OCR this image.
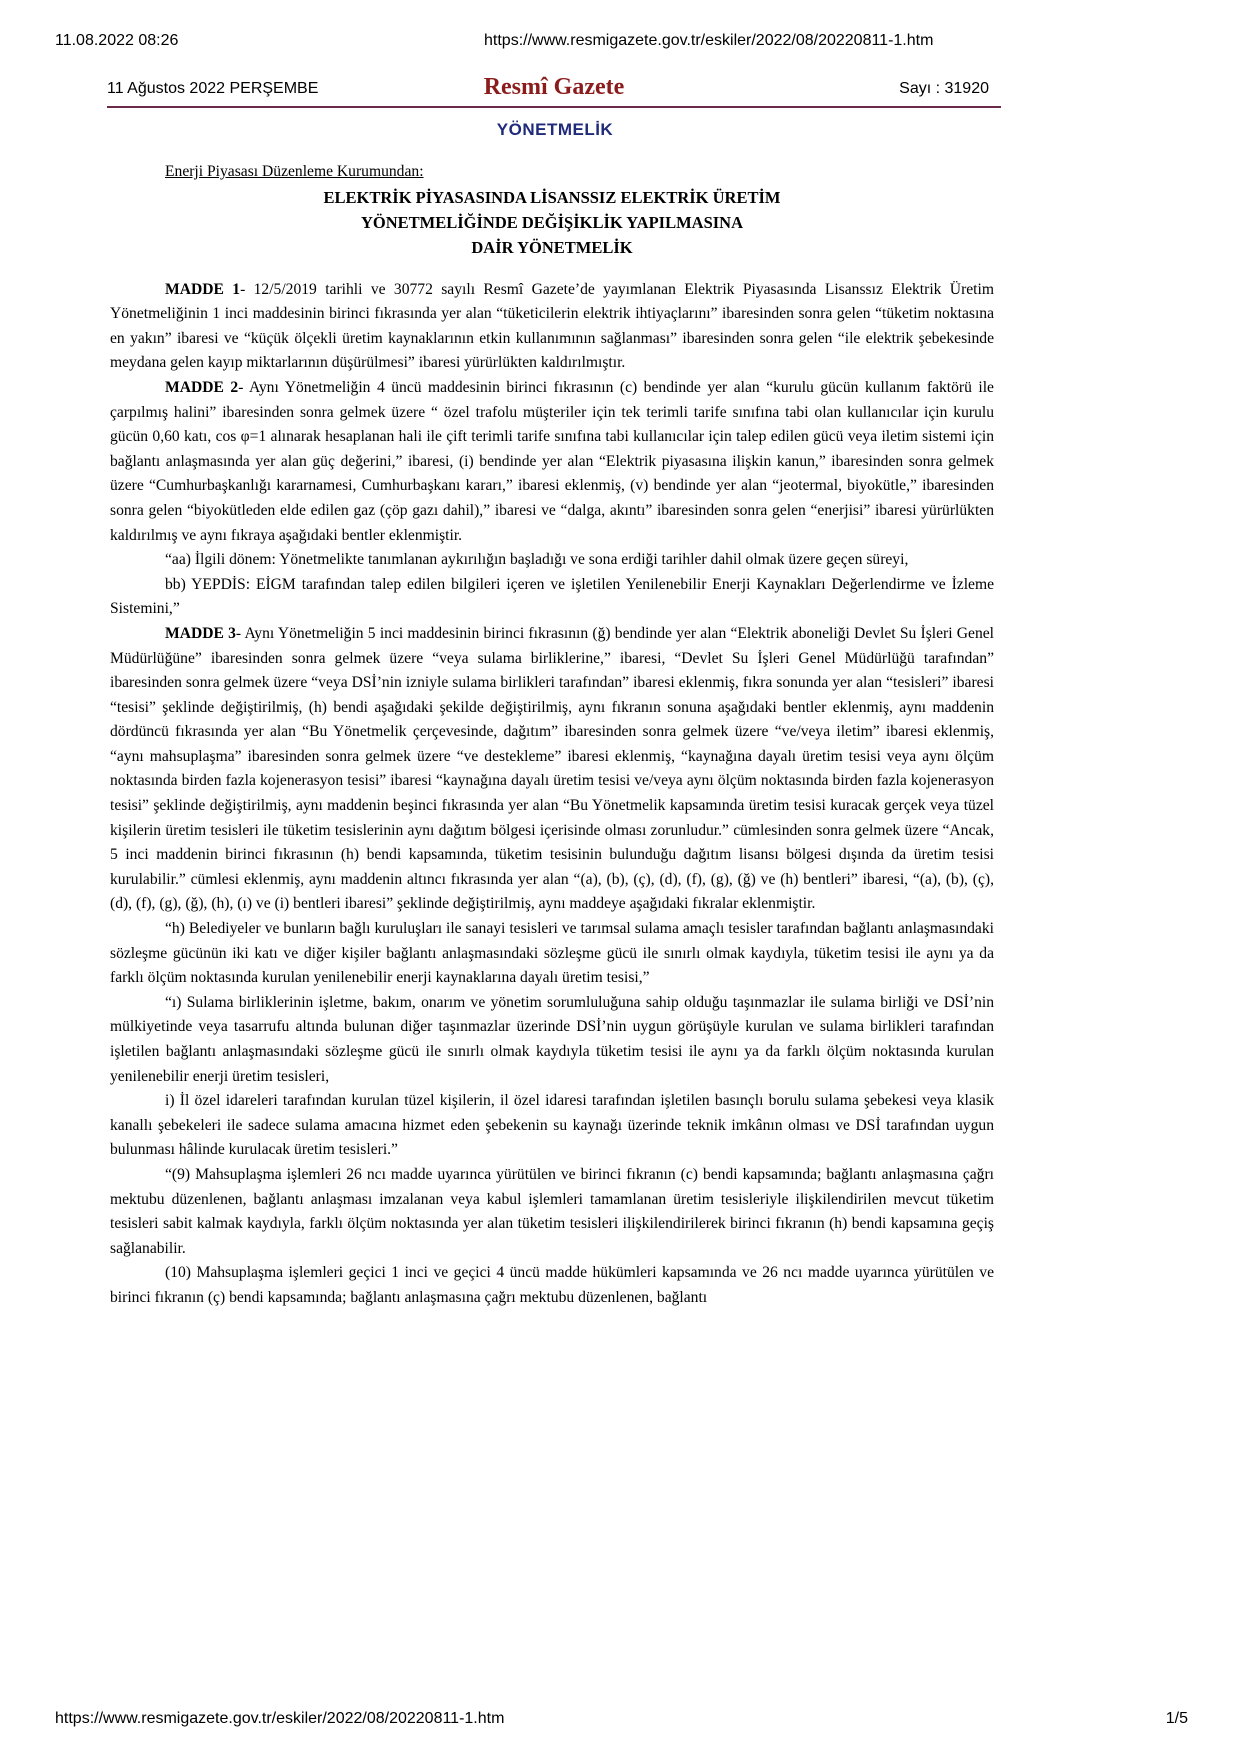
11.08.2022 08:26	https://www.resmigazete.gov.tr/eskiler/2022/08/20220811-1.htm
11 Ağustos 2022 PERŞEMBE	Resmî Gazete	Sayı : 31920
YÖNETMELİK

Enerji Piyasası Düzenleme Kurumundan:

ELEKTRİK PİYASASINDA LİSANSSIZ ELEKTRİK ÜRETİM
YÖNETMELİĞİNDE DEĞİŞİKLİK YAPILMASINA
DAİR YÖNETMELİK

MADDE 1- 12/5/2019 tarihli ve 30772 sayılı Resmî Gazete’de yayımlanan Elektrik Piyasasında Lisanssız Elektrik Üretim Yönetmeliğinin 1 inci maddesinin birinci fıkrasında yer alan “tüketicilerin elektrik ihtiyaçlarını” ibaresinden sonra gelen “tüketim noktasına en yakın” ibaresi ve “küçük ölçekli üretim kaynaklarının etkin kullanımının sağlanması” ibaresinden sonra gelen “ile elektrik şebekesinde meydana gelen kayıp miktarlarının düşürülmesi” ibaresi yürürlükten kaldırılmıştır.

MADDE 2- Aynı Yönetmeliğin 4 üncü maddesinin birinci fıkrasının (c) bendinde yer alan “kurulu gücün kullanım faktörü ile çarpılmış halini” ibaresinden sonra gelmek üzere “ özel trafolu müşteriler için tek terimli tarife sınıfına tabi olan kullanıcılar için kurulu gücün 0,60 katı, cos φ=1 alınarak hesaplanan hali ile çift terimli tarife sınıfına tabi kullanıcılar için talep edilen gücü veya iletim sistemi için bağlantı anlaşmasında yer alan güç değerini,” ibaresi, (i) bendinde yer alan “Elektrik piyasasına ilişkin kanun,” ibaresinden sonra gelmek üzere “Cumhurbaşkanlığı kararnamesi, Cumhurbaşkanı kararı,” ibaresi eklenmiş, (v) bendinde yer alan “jeotermal, biyokütle,” ibaresinden sonra gelen “biyokütleden elde edilen gaz (çöp gazı dahil),” ibaresi ve “dalga, akıntı” ibaresinden sonra gelen “enerjisi” ibaresi yürürlükten kaldırılmış ve aynı fıkraya aşağıdaki bentler eklenmiştir.

“aa) İlgili dönem: Yönetmelikte tanımlanan aykırılığın başladığı ve sona erdiği tarihler dahil olmak üzere geçen süreyi,

bb) YEPDİS: EİGM tarafından talep edilen bilgileri içeren ve işletilen Yenilenebilir Enerji Kaynakları Değerlendirme ve İzleme Sistemini,”

MADDE 3- Aynı Yönetmeliğin 5 inci maddesinin birinci fıkrasının (ğ) bendinde yer alan “Elektrik aboneliği Devlet Su İşleri Genel Müdürlüğüne” ibaresinden sonra gelmek üzere “veya sulama birliklerine,” ibaresi, “Devlet Su İşleri Genel Müdürlüğü tarafından” ibaresinden sonra gelmek üzere “veya DSİ’nin izniyle sulama birlikleri tarafından” ibaresi eklenmiş, fıkra sonunda yer alan “tesisleri” ibaresi “tesisi” şeklinde değiştirilmiş, (h) bendi aşağıdaki şekilde değiştirilmiş, aynı fıkranın sonuna aşağıdaki bentler eklenmiş, aynı maddenin dördüncü fıkrasında yer alan “Bu Yönetmelik çerçevesinde, dağıtım” ibaresinden sonra gelmek üzere “ve/veya iletim” ibaresi eklenmiş, “aynı mahsuplaşma” ibaresinden sonra gelmek üzere “ve destekleme” ibaresi eklenmiş, “kaynağına dayalı üretim tesisi veya aynı ölçüm noktasında birden fazla kojenerasyon tesisi” ibaresi “kaynağına dayalı üretim tesisi ve/veya aynı ölçüm noktasında birden fazla kojenerasyon tesisi” şeklinde değiştirilmiş, aynı maddenin beşinci fıkrasında yer alan “Bu Yönetmelik kapsamında üretim tesisi kuracak gerçek veya tüzel kişilerin üretim tesisleri ile tüketim tesislerinin aynı dağıtım bölgesi içerisinde olması zorunludur.” cümlesinden sonra gelmek üzere “Ancak, 5 inci maddenin birinci fıkrasının (h) bendi kapsamında, tüketim tesisinin bulunduğu dağıtım lisansı bölgesi dışında da üretim tesisi kurulabilir.” cümlesi eklenmiş, aynı maddenin altıncı fıkrasında yer alan “(a), (b), (ç), (d), (f), (g), (ğ) ve (h) bentleri” ibaresi, “(a), (b), (ç), (d), (f), (g), (ğ), (h), (ı) ve (i) bentleri ibaresi” şeklinde değiştirilmiş, aynı maddeye aşağıdaki fıkralar eklenmiştir.

“h) Belediyeler ve bunların bağlı kuruluşları ile sanayi tesisleri ve tarımsal sulama amaçlı tesisler tarafından bağlantı anlaşmasındaki sözleşme gücünün iki katı ve diğer kişiler bağlantı anlaşmasındaki sözleşme gücü ile sınırlı olmak kaydıyla, tüketim tesisi ile aynı ya da farklı ölçüm noktasında kurulan yenilenebilir enerji kaynaklarına dayalı üretim tesisi,”

“ı) Sulama birliklerinin işletme, bakım, onarım ve yönetim sorumluluğuna sahip olduğu taşınmazlar ile sulama birliği ve DSİ’nin mülkiyetinde veya tasarrufu altında bulunan diğer taşınmazlar üzerinde DSİ’nin uygun görüşüyle kurulan ve sulama birlikleri tarafından işletilen bağlantı anlaşmasındaki sözleşme gücü ile sınırlı olmak kaydıyla tüketim tesisi ile aynı ya da farklı ölçüm noktasında kurulan yenilenebilir enerji üretim tesisleri,

i) İl özel idareleri tarafından kurulan tüzel kişilerin, il özel idaresi tarafından işletilen basınçlı borulu sulama şebekesi veya klasik kanallı şebekeleri ile sadece sulama amacına hizmet eden şebekenin su kaynağı üzerinde teknik imkânın olması ve DSİ tarafından uygun bulunması hâlinde kurulacak üretim tesisleri.”

“(9) Mahsuplaşma işlemleri 26 ncı madde uyarınca yürütülen ve birinci fıkranın (c) bendi kapsamında; bağlantı anlaşmasına çağrı mektubu düzenlenen, bağlantı anlaşması imzalanan veya kabul işlemleri tamamlanan üretim tesisleriyle ilişkilendirilen mevcut tüketim tesisleri sabit kalmak kaydıyla, farklı ölçüm noktasında yer alan tüketim tesisleri ilişkilendirilerek birinci fıkranın (h) bendi kapsamına geçiş sağlanabilir.

(10) Mahsuplaşma işlemleri geçici 1 inci ve geçici 4 üncü madde hükümleri kapsamında ve 26 ncı madde uyarınca yürütülen ve birinci fıkranın (ç) bendi kapsamında; bağlantı anlaşmasına çağrı mektubu düzenlenen, bağlantı

https://www.resmigazete.gov.tr/eskiler/2022/08/20220811-1.htm	1/5
